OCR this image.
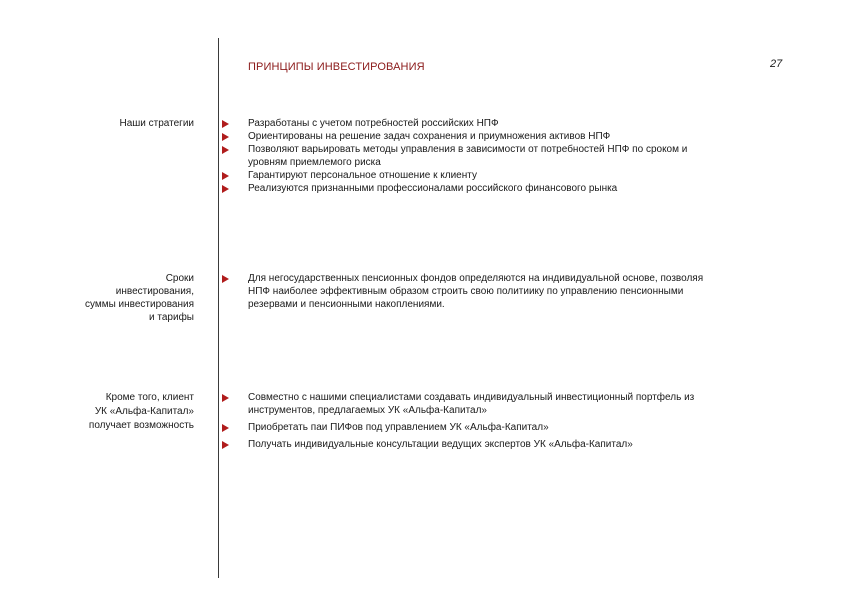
ПРИНЦИПЫ ИНВЕСТИРОВАНИЯ	27
Наши стратегии	Разработаны с учетом потребностей российских НПФ
Ориентированы на решение задач сохранения и приумножения активов НПФ
Позволяют варьировать методы управления в зависимости от потребностей НПФ по сроком и уровням приемлемого риска
Гарантируют персональное отношение к клиенту
Реализуются признанными профессионалами российского финансового рынка
Сроки
инвестирования,
суммы инвестирования
и тарифы
Для негосударственных пенсионных фондов определяются на индивидуальной основе, позволяя НПФ наиболее эффективным образом строить свою политиику по управлению пенсионными резервами и пенсионными накоплениями.
Кроме того, клиент
УК «Альфа-Капитал»
получает возможность
Совместно с нашими специалистами создавать индивидуальный инвестиционный портфель из инструментов, предлагаемых УК «Альфа-Капитал»
Приобретать паи ПИФов под управлением УК «Альфа-Капитал»
Получать индивидуальные консультации ведущих экспертов УК «Альфа-Капитал»
